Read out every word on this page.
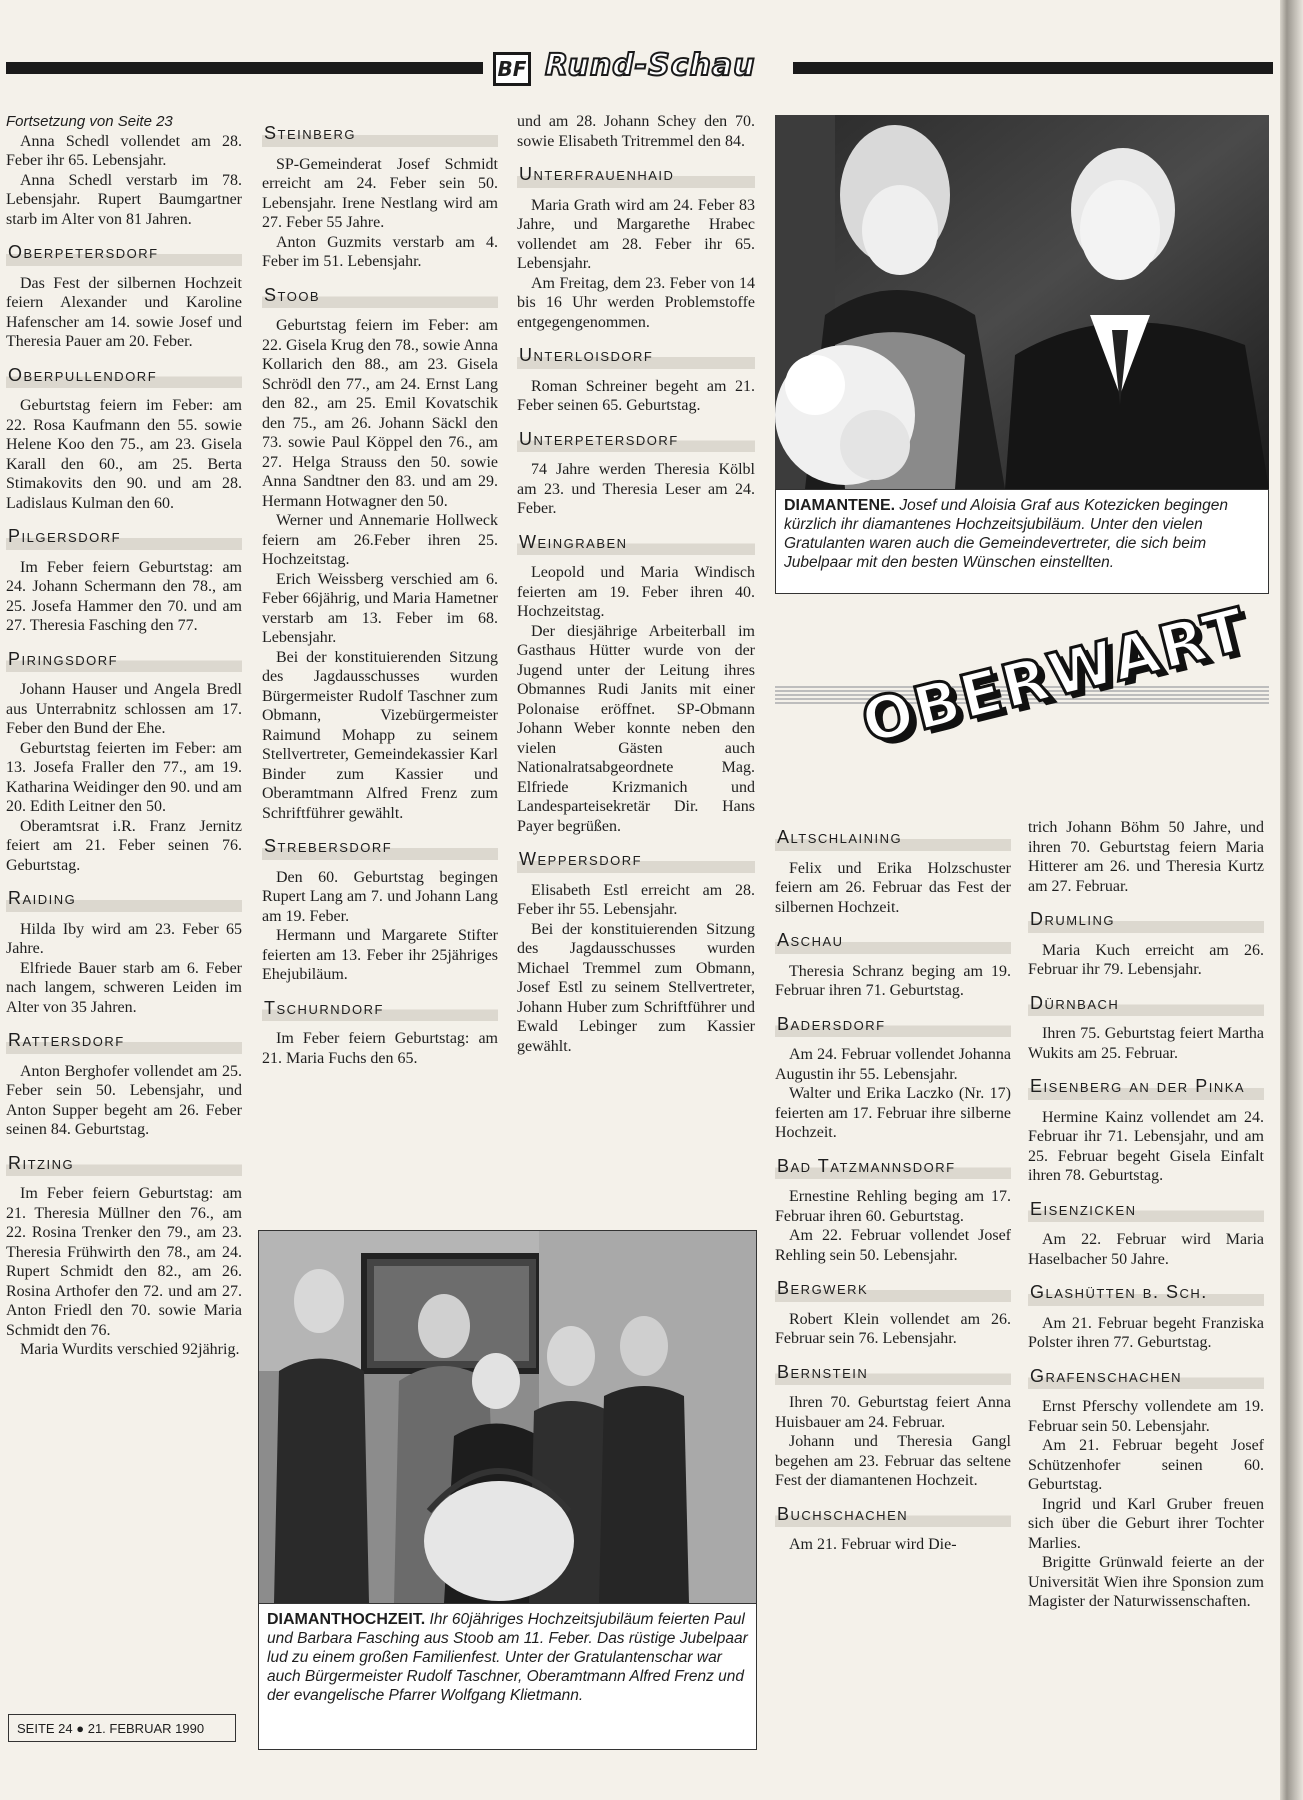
BF Rund-Schau

Fortsetzung von Seite 23

Anna Schedl vollendet am 28. Feber ihr 65. Lebensjahr.

Anna Schedl verstarb im 78. Lebensjahr. Rupert Baumgartner starb im Alter von 81 Jahren.

Oberpetersdorf

Das Fest der silbernen Hochzeit feiern Alexander und Karoline Hafenscher am 14. sowie Josef und Theresia Pauer am 20. Feber.

Oberpullendorf

Geburtstag feiern im Feber: am 22. Rosa Kaufmann den 55. sowie Helene Koo den 75., am 23. Gisela Karall den 60., am 25. Berta Stimakovits den 90. und am 28. Ladislaus Kulman den 60.

Pilgersdorf

Im Feber feiern Geburtstag: am 24. Johann Schermann den 78., am 25. Josefa Hammer den 70. und am 27. Theresia Fasching den 77.

Piringsdorf

Johann Hauser und Angela Bredl aus Unterrabnitz schlossen am 17. Feber den Bund der Ehe.

Geburtstag feierten im Feber: am 13. Josefa Fraller den 77., am 19. Katharina Weidinger den 90. und am 20. Edith Leitner den 50.

Oberamtsrat i.R. Franz Jernitz feiert am 21. Feber seinen 76. Geburtstag.

Raiding

Hilda Iby wird am 23. Feber 65 Jahre.

Elfriede Bauer starb am 6. Feber nach langem, schweren Leiden im Alter von 35 Jahren.

Rattersdorf

Anton Berghofer vollendet am 25. Feber sein 50. Lebensjahr, und Anton Supper begeht am 26. Feber seinen 84. Geburtstag.

Ritzing

Im Feber feiern Geburtstag: am 21. Theresia Müllner den 76., am 22. Rosina Trenker den 79., am 23. Theresia Frühwirth den 78., am 24. Rupert Schmidt den 82., am 26. Rosina Arthofer den 72. und am 27. Anton Friedl den 70. sowie Maria Schmidt den 76.

Maria Wurdits verschied 92jährig.

Steinberg

SP-Gemeinderat Josef Schmidt erreicht am 24. Feber sein 50. Lebensjahr. Irene Nestlang wird am 27. Feber 55 Jahre.

Anton Guzmits verstarb am 4. Feber im 51. Lebensjahr.

Stoob

Geburtstag feiern im Feber: am 22. Gisela Krug den 78., sowie Anna Kollarich den 88., am 23. Gisela Schrödl den 77., am 24. Ernst Lang den 82., am 25. Emil Kovatschik den 75., am 26. Johann Säckl den 73. sowie Paul Köppel den 76., am 27. Helga Strauss den 50. sowie Anna Sandtner den 83. und am 29. Hermann Hotwagner den 50.

Werner und Annemarie Hollweck feiern am 26.Feber ihren 25. Hochzeitstag.

Erich Weissberg verschied am 6. Feber 66jährig, und Maria Hametner verstarb am 13. Feber im 68. Lebensjahr.

Bei der konstituierenden Sitzung des Jagdausschusses wurden Bürgermeister Rudolf Taschner zum Obmann, Vizebürgermeister Raimund Mohapp zu seinem Stellvertreter, Gemeindekassier Karl Binder zum Kassier und Oberamtmann Alfred Frenz zum Schriftführer gewählt.

Strebersdorf

Den 60. Geburtstag begingen Rupert Lang am 7. und Johann Lang am 19. Feber.

Hermann und Margarete Stifter feierten am 13. Feber ihr 25jähriges Ehejubiläum.

Tschurndorf

Im Feber feiern Geburtstag: am 21. Maria Fuchs den 65.

und am 28. Johann Schey den 70. sowie Elisabeth Tritremmel den 84.

Unterfrauenhaid

Maria Grath wird am 24. Feber 83 Jahre, und Margarethe Hrabec vollendet am 28. Feber ihr 65. Lebensjahr.

Am Freitag, dem 23. Feber von 14 bis 16 Uhr werden Problemstoffe entgegengenommen.

Unterloisdorf

Roman Schreiner begeht am 21. Feber seinen 65. Geburtstag.

Unterpetersdorf

74 Jahre werden Theresia Kölbl am 23. und Theresia Leser am 24. Feber.

Weingraben

Leopold und Maria Windisch feierten am 19. Feber ihren 40. Hochzeitstag.

Der diesjährige Arbeiterball im Gasthaus Hütter wurde von der Jugend unter der Leitung ihres Obmannes Rudi Janits mit einer Polonaise eröffnet. SP-Obmann Johann Weber konnte neben den vielen Gästen auch Nationalratsabgeordnete Mag. Elfriede Krizmanich und Landesparteisekretär Dir. Hans Payer begrüßen.

Weppersdorf

Elisabeth Estl erreicht am 28. Feber ihr 55. Lebensjahr.

Bei der konstituierenden Sitzung des Jagdausschusses wurden Michael Tremmel zum Obmann, Josef Estl zu seinem Stellvertreter, Johann Huber zum Schriftführer und Ewald Lebinger zum Kassier gewählt.

DIAMANTENE. Josef und Aloisia Graf aus Kotezicken begingen kürzlich ihr diamantenes Hochzeitsjubiläum. Unter den vielen Gratulanten waren auch die Gemeindevertreter, die sich beim Jubelpaar mit den besten Wünschen einstellten.
OBERWART
Altschlaining

Felix und Erika Holzschuster feiern am 26. Februar das Fest der silbernen Hochzeit.

Aschau

Theresia Schranz beging am 19. Februar ihren 71. Geburtstag.

Badersdorf

Am 24. Februar vollendet Johanna Augustin ihr 55. Lebensjahr.

Walter und Erika Laczko (Nr. 17) feierten am 17. Februar ihre silberne Hochzeit.

Bad Tatzmannsdorf

Ernestine Rehling beging am 17. Februar ihren 60. Geburtstag.

Am 22. Februar vollendet Josef Rehling sein 50. Lebensjahr.

Bergwerk

Robert Klein vollendet am 26. Februar sein 76. Lebensjahr.

Bernstein

Ihren 70. Geburtstag feiert Anna Huisbauer am 24. Februar.

Johann und Theresia Gangl begehen am 23. Februar das seltene Fest der diamantenen Hochzeit.

Buchschachen

Am 21. Februar wird Die-

trich Johann Böhm 50 Jahre, und ihren 70. Geburtstag feiern Maria Hitterer am 26. und Theresia Kurtz am 27. Februar.

Drumling

Maria Kuch erreicht am 26. Februar ihr 79. Lebensjahr.

Dürnbach

Ihren 75. Geburtstag feiert Martha Wukits am 25. Februar.

Eisenberg an der Pinka

Hermine Kainz vollendet am 24. Februar ihr 71. Lebensjahr, und am 25. Februar begeht Gisela Einfalt ihren 78. Geburtstag.

Eisenzicken

Am 22. Februar wird Maria Haselbacher 50 Jahre.

Glashütten b. Sch.

Am 21. Februar begeht Franziska Polster ihren 77. Geburtstag.

Grafenschachen

Ernst Pferschy vollendete am 19. Februar sein 50. Lebensjahr.

Am 21. Februar begeht Josef Schützenhofer seinen 60. Geburtstag.

Ingrid und Karl Gruber freuen sich über die Geburt ihrer Tochter Marlies.

Brigitte Grünwald feierte an der Universität Wien ihre Sponsion zum Magister der Naturwissenschaften.

DIAMANTHOCHZEIT. Ihr 60jähriges Hochzeitsjubiläum feierten Paul und Barbara Fasching aus Stoob am 11. Feber. Das rüstige Jubelpaar lud zu einem großen Familienfest. Unter der Gratulantenschar war auch Bürgermeister Rudolf Taschner, Oberamtmann Alfred Frenz und der evangelische Pfarrer Wolfgang Klietmann.
SEITE 24 ● 21. FEBRUAR 1990
